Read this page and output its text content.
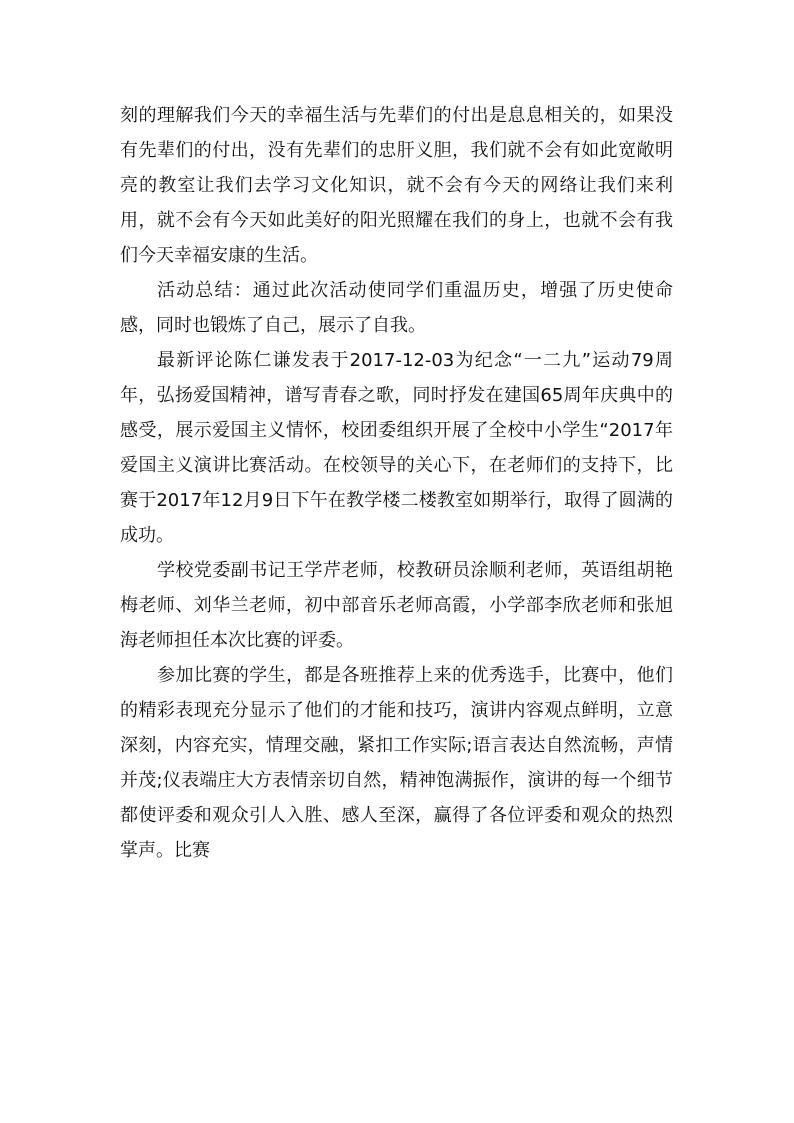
刻的理解我们今天的幸福生活与先辈们的付出是息息相关的，如果没有先辈们的付出，没有先辈们的忠肝义胆，我们就不会有如此宽敞明亮的教室让我们去学习文化知识，就不会有今天的网络让我们来利用，就不会有今天如此美好的阳光照耀在我们的身上，也就不会有我们今天幸福安康的生活。

活动总结：通过此次活动使同学们重温历史，增强了历史使命感，同时也锻炼了自己，展示了自我。

最新评论陈仁谦发表于2017-12-03为纪念“一二九”运动79周年，弘扬爱国精神，谱写青春之歌，同时抒发在建国65周年庆典中的感受，展示爱国主义情怀，校团委组织开展了全校中小学生“2017年爱国主义演讲比赛活动。在校领导的关心下，在老师们的支持下，比赛于2017年12月9日下午在教学楼二楼教室如期举行，取得了圆满的成功。

学校党委副书记王学芹老师，校教研员涂顺利老师，英语组胡艳梅老师、刘华兰老师，初中部音乐老师高霞，小学部李欣老师和张旭海老师担任本次比赛的评委。

参加比赛的学生，都是各班推荐上来的优秀选手，比赛中，他们的精彩表现充分显示了他们的才能和技巧，演讲内容观点鲜明，立意深刻，内容充实，情理交融，紧扣工作实际;语言表达自然流畅，声情并茂;仪表端庄大方表情亲切自然，精神饱满振作，演讲的每一个细节都使评委和观众引人入胜、感人至深，赢得了各位评委和观众的热烈掌声。比赛
